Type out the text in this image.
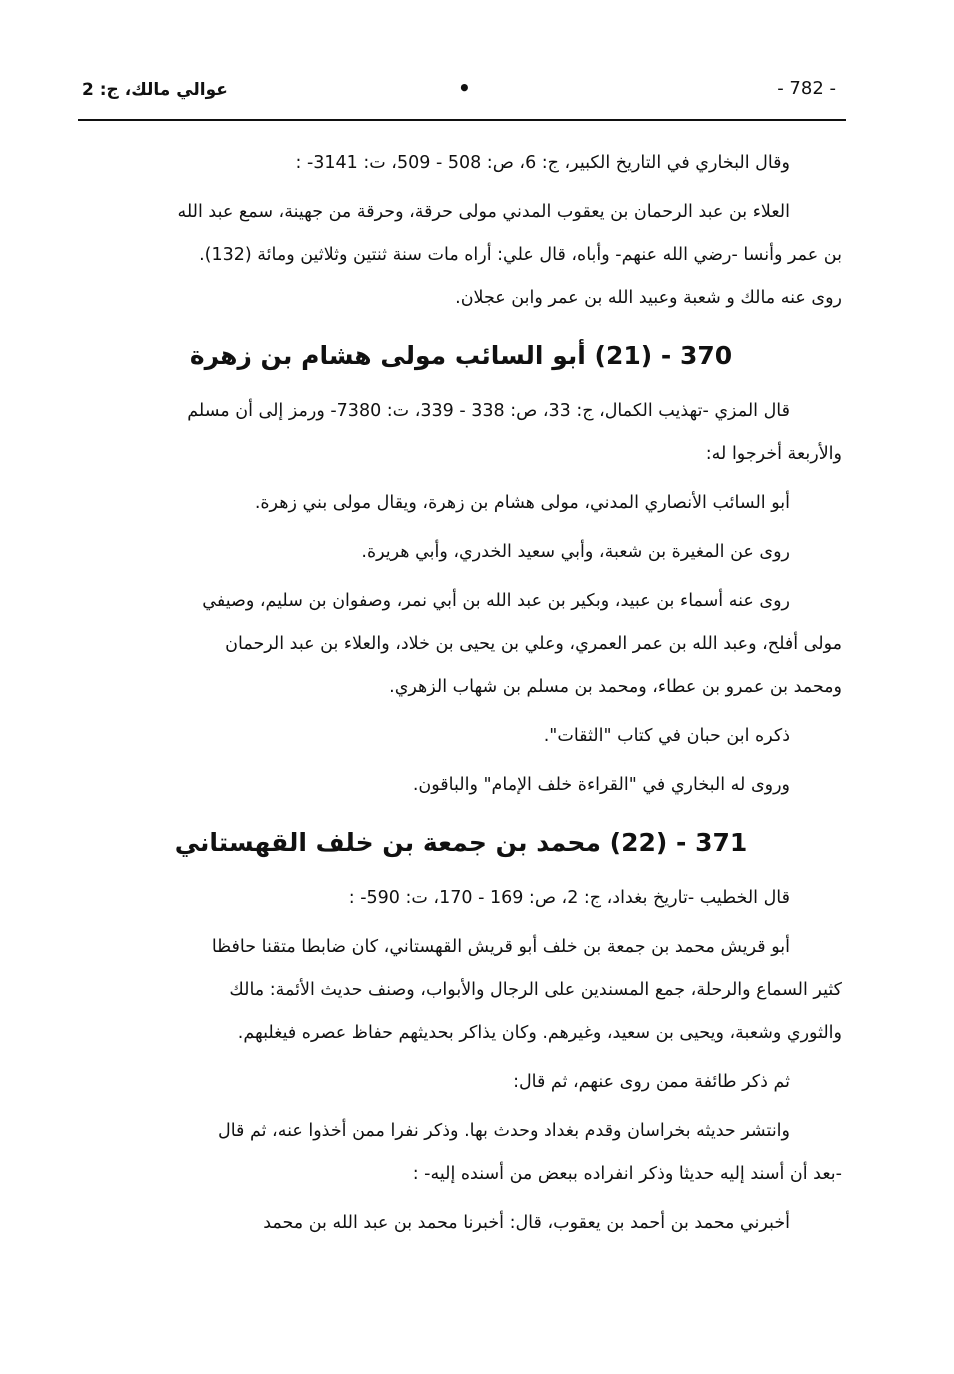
- 782 -
•
عوالي مالك، ج: 2

وقال البخاري في التاريخ الكبير، ج: 6، ص: 508 - 509، ت: 3141- :

العلاء بن عبد الرحمان بن يعقوب المدني مولى حرقة، وحرقة من جهينة، سمع عبد الله

بن عمر وأنسا -رضي الله عنهم- وأباه، قال علي: أراه مات سنة ثنتين وثلاثين ومائة (132).

روى عنه مالك و شعبة وعبيد الله بن عمر وابن عجلان.

370 - (21) أبو السائب مولى هشام بن زهرة

قال المزي -تهذيب الكمال، ج: 33، ص: 338 - 339، ت: 7380- ورمز إلى أن مسلم

والأربعة أخرجوا له:

أبو السائب الأنصاري المدني، مولى هشام بن زهرة، ويقال مولى بني زهرة.

روى عن المغيرة بن شعبة، وأبي سعيد الخدري، وأبي هريرة.

روى عنه أسماء بن عبيد، وبكير بن عبد الله بن أبي نمر، وصفوان بن سليم، وصيفي

مولى أفلح، وعبد الله بن عمر العمري، وعلي بن يحيى بن خلاد، والعلاء بن عبد الرحمان

ومحمد بن عمرو بن عطاء، ومحمد بن مسلم بن شهاب الزهري.

ذكره ابن حبان في كتاب "الثقات".

وروى له البخاري في "القراءة خلف الإمام" والباقون.

371 - (22) محمد بن جمعة بن خلف القهستاني

قال الخطيب -تاريخ بغداد، ج: 2، ص: 169 - 170، ت: 590- :

أبو قريش محمد بن جمعة بن خلف أبو قريش القهستاني، كان ضابطا متقنا حافظا

كثير السماع والرحلة، جمع المسندين على الرجال والأبواب، وصنف حديث الأئمة: مالك

والثوري وشعبة، ويحيى بن سعيد، وغيرهم. وكان يذاكر بحديثهم حفاظ عصره فيغلبهم.

ثم ذكر طائفة ممن روى عنهم، ثم قال:

وانتشر حديثه بخراسان وقدم بغداد وحدث بها. وذكر نفرا ممن أخذوا عنه، ثم قال

-بعد أن أسند إليه حديثا وذكر انفراده ببعض من أسنده إليه- :

أخبرني محمد بن أحمد بن يعقوب، قال: أخبرنا محمد بن عبد الله بن محمد
